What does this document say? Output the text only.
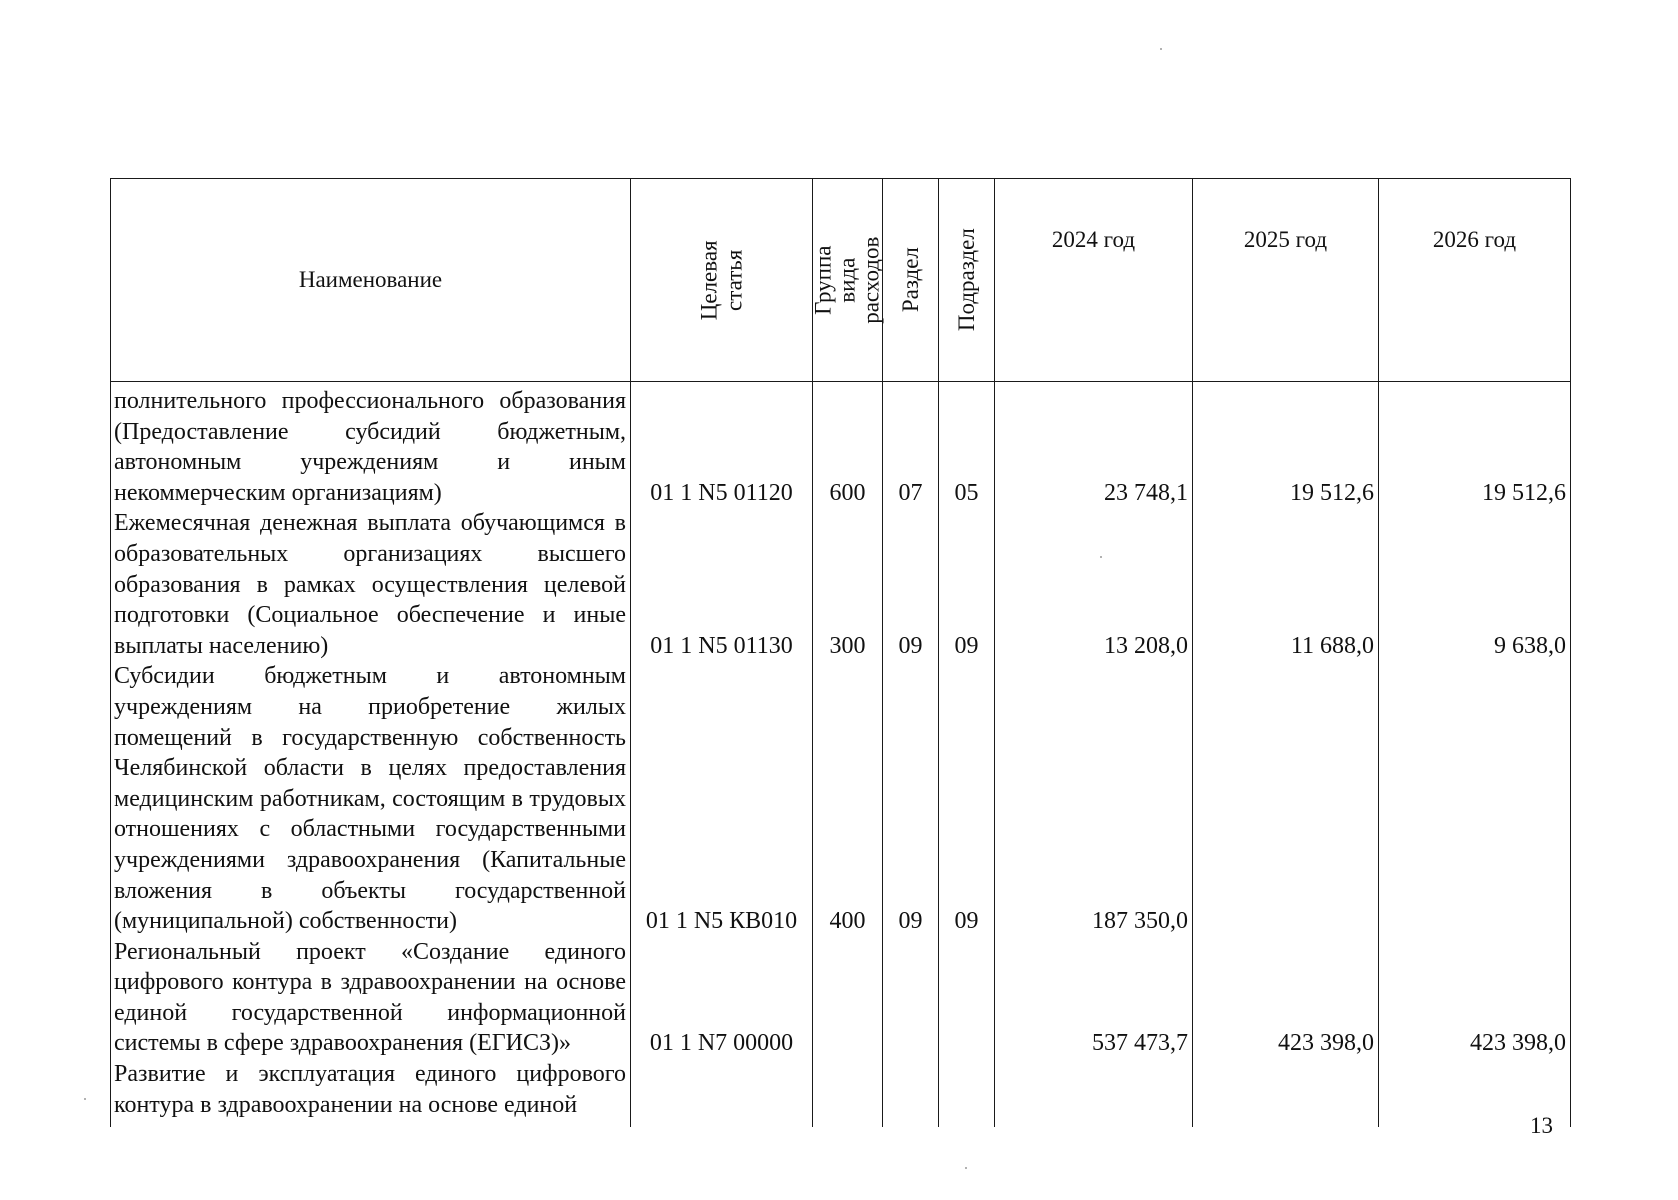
Наименование	Целевая статья	Группа вида расходов	Раздел	Подраздел	2024 год	2025 год	2026 год
полнительного профессионального образования (Предоставление субсидий бюджетным, автономным учреждениям и иным некоммерческим организациям)	01 1 N5 01120	600	07	05	23 748,1	19 512,6	19 512,6
Ежемесячная денежная выплата обучающимся в образовательных организациях высшего образования в рамках осуществления целевой подготовки (Социальное обеспечение и иные выплаты населению)	01 1 N5 01130	300	09	09	13 208,0	11 688,0	9 638,0
Субсидии бюджетным и автономным учреждениям на приобретение жилых помещений в государственную собственность Челябинской области в целях предоставления медицинским работникам, состоящим в трудовых отношениях с областными государственными учреждениями здравоохранения (Капитальные вложения в объекты государственной (муниципальной) собственности)	01 1 N5 КВ010	400	09	09	187 350,0		
Региональный проект «Создание единого цифрового контура в здравоохранении на основе единой государственной информационной системы в сфере здравоохранения (ЕГИСЗ)»	01 1 N7 00000				537 473,7	423 398,0	423 398,0
Развитие и эксплуатация единого цифрового контура в здравоохранении на основе единой							
13
